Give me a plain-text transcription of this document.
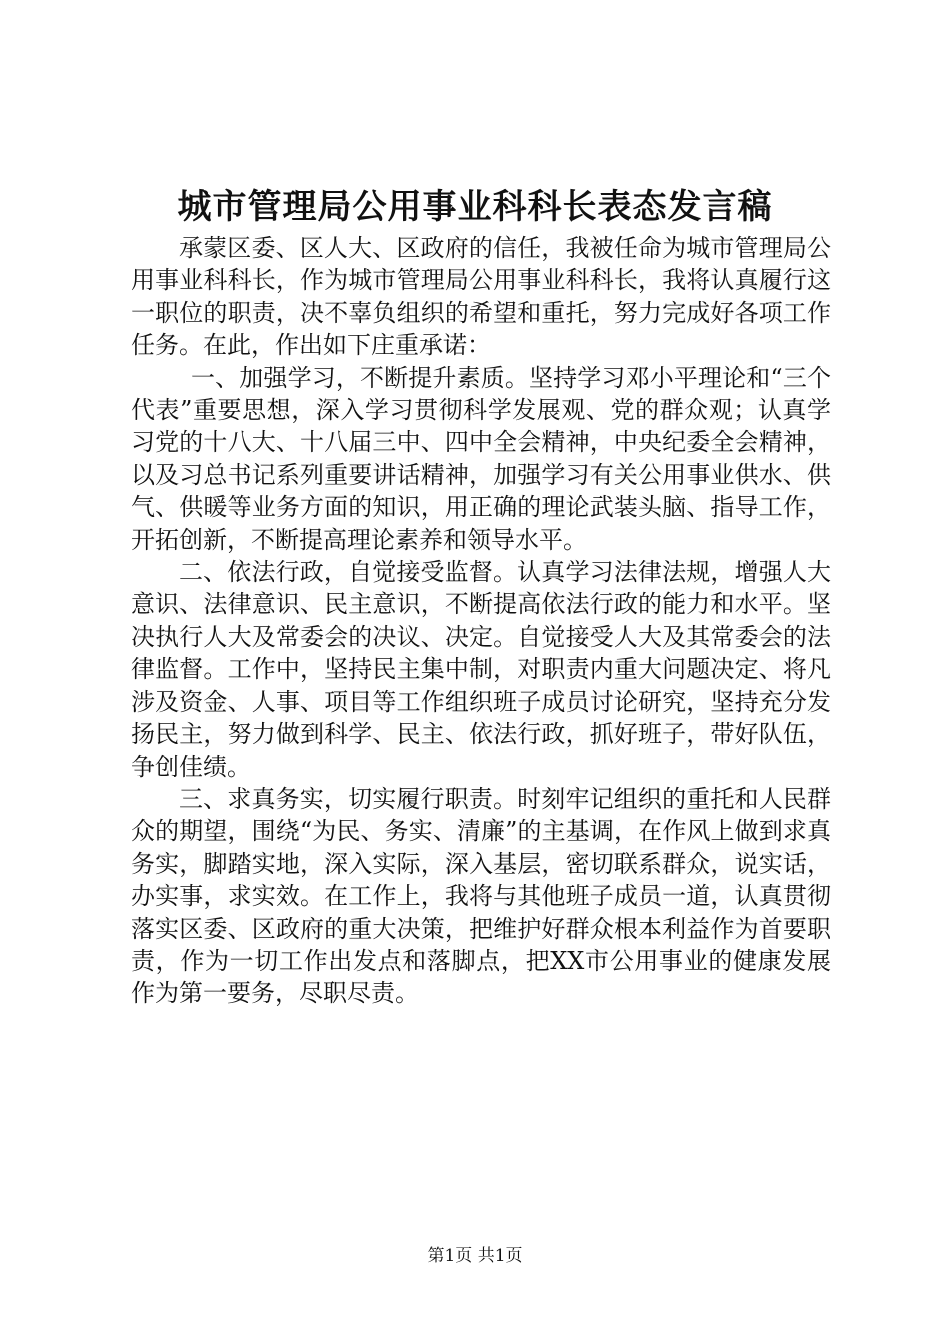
城市管理局公用事业科科长表态发言稿

承蒙区委、区人大、区政府的信任，我被任命为城市管理局公用事业科科长，作为城市管理局公用事业科科长，我将认真履行这一职位的职责，决不辜负组织的希望和重托，努力完成好各项工作任务。在此，作出如下庄重承诺：

一、加强学习，不断提升素质。坚持学习邓小平理论和“三个代表”重要思想，深入学习贯彻科学发展观、党的群众观；认真学习党的十八大、十八届三中、四中全会精神，中央纪委全会精神，以及习总书记系列重要讲话精神，加强学习有关公用事业供水、供气、供暖等业务方面的知识，用正确的理论武装头脑、指导工作，开拓创新，不断提高理论素养和领导水平。

二、依法行政，自觉接受监督。认真学习法律法规，增强人大意识、法律意识、民主意识，不断提高依法行政的能力和水平。坚决执行人大及常委会的决议、决定。自觉接受人大及其常委会的法律监督。工作中，坚持民主集中制，对职责内重大问题决定、将凡涉及资金、人事、项目等工作组织班子成员讨论研究，坚持充分发扬民主，努力做到科学、民主、依法行政，抓好班子，带好队伍，争创佳绩。

三、求真务实，切实履行职责。时刻牢记组织的重托和人民群众的期望，围绕“为民、务实、清廉”的主基调，在作风上做到求真务实，脚踏实地，深入实际，深入基层，密切联系群众，说实话，办实事，求实效。在工作上，我将与其他班子成员一道，认真贯彻落实区委、区政府的重大决策，把维护好群众根本利益作为首要职责，作为一切工作出发点和落脚点，把XX市公用事业的健康发展作为第一要务，尽职尽责。

第1页 共1页
